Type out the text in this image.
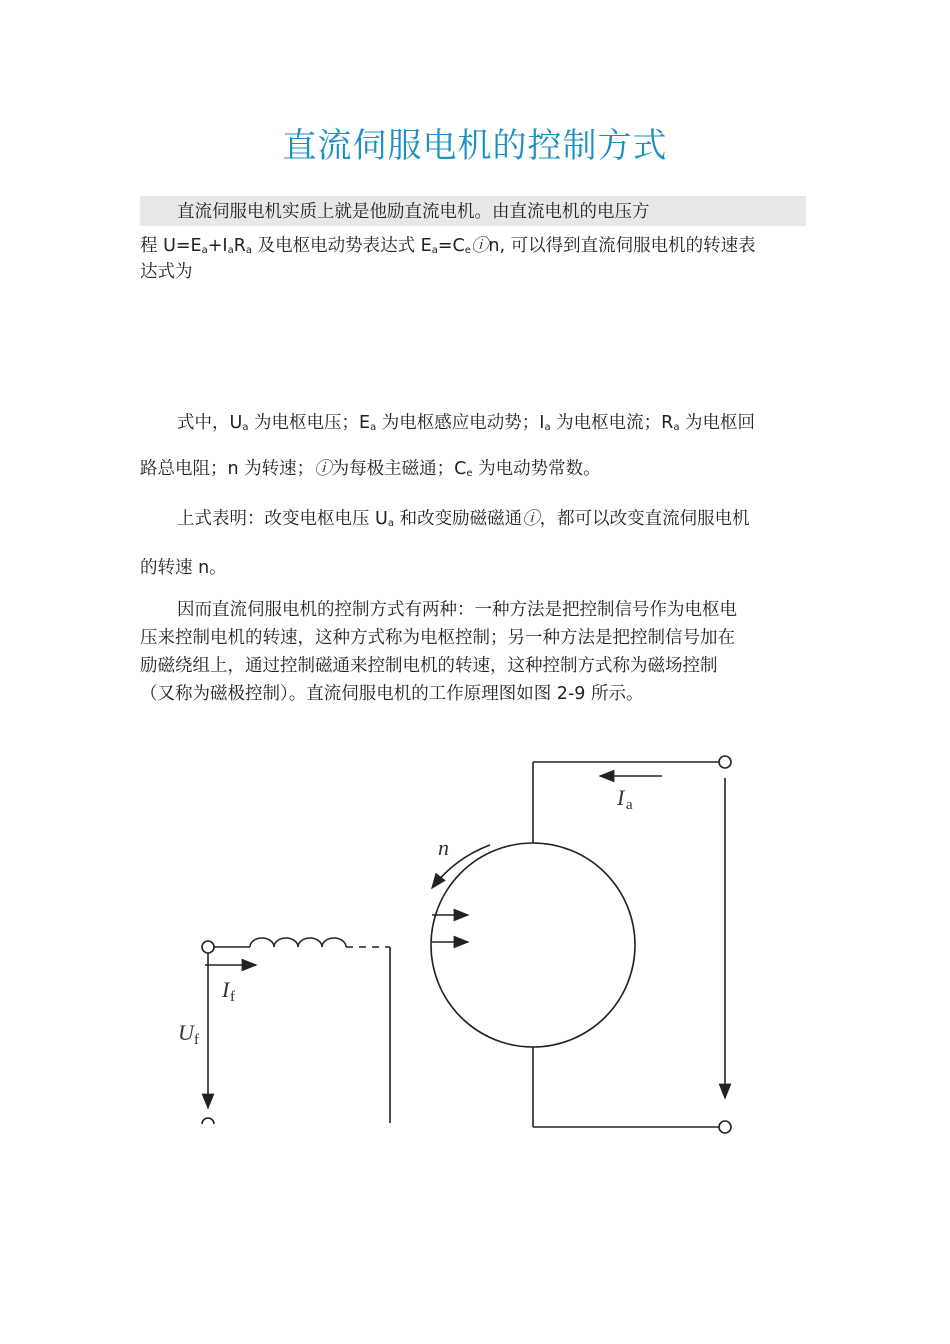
直流伺服电机的控制方式
直流伺服电机实质上就是他励直流电机。由直流电机的电压方
程 $U=E_a+I_aR_a$ 及电枢电动势表达式 $E_a=C_eⓘn$, 可以得到直流伺服电机的转速表
达式为
式中，$U_a$ 为电枢电压；$E_a$ 为电枢感应电动势；$I_a$ 为电枢电流；$R_a$ 为电枢回
路总电阻；n 为转速；ⓘ为每极主磁通；$C_e$ 为电动势常数。
上式表明：改变电枢电压 $U_a$ 和改变励磁磁通ⓘ，都可以改变直流伺服电机
的转速 n。
因而直流伺服电机的控制方式有两种：一种方法是把控制信号作为电枢电
压来控制电机的转速，这种方式称为电枢控制；另一种方法是把控制信号加在
励磁绕组上，通过控制磁通来控制电机的转速，这种控制方式称为磁场控制
（又称为磁极控制）。直流伺服电机的工作原理图如图 2-9 所示。
n
I a
I f
U f
